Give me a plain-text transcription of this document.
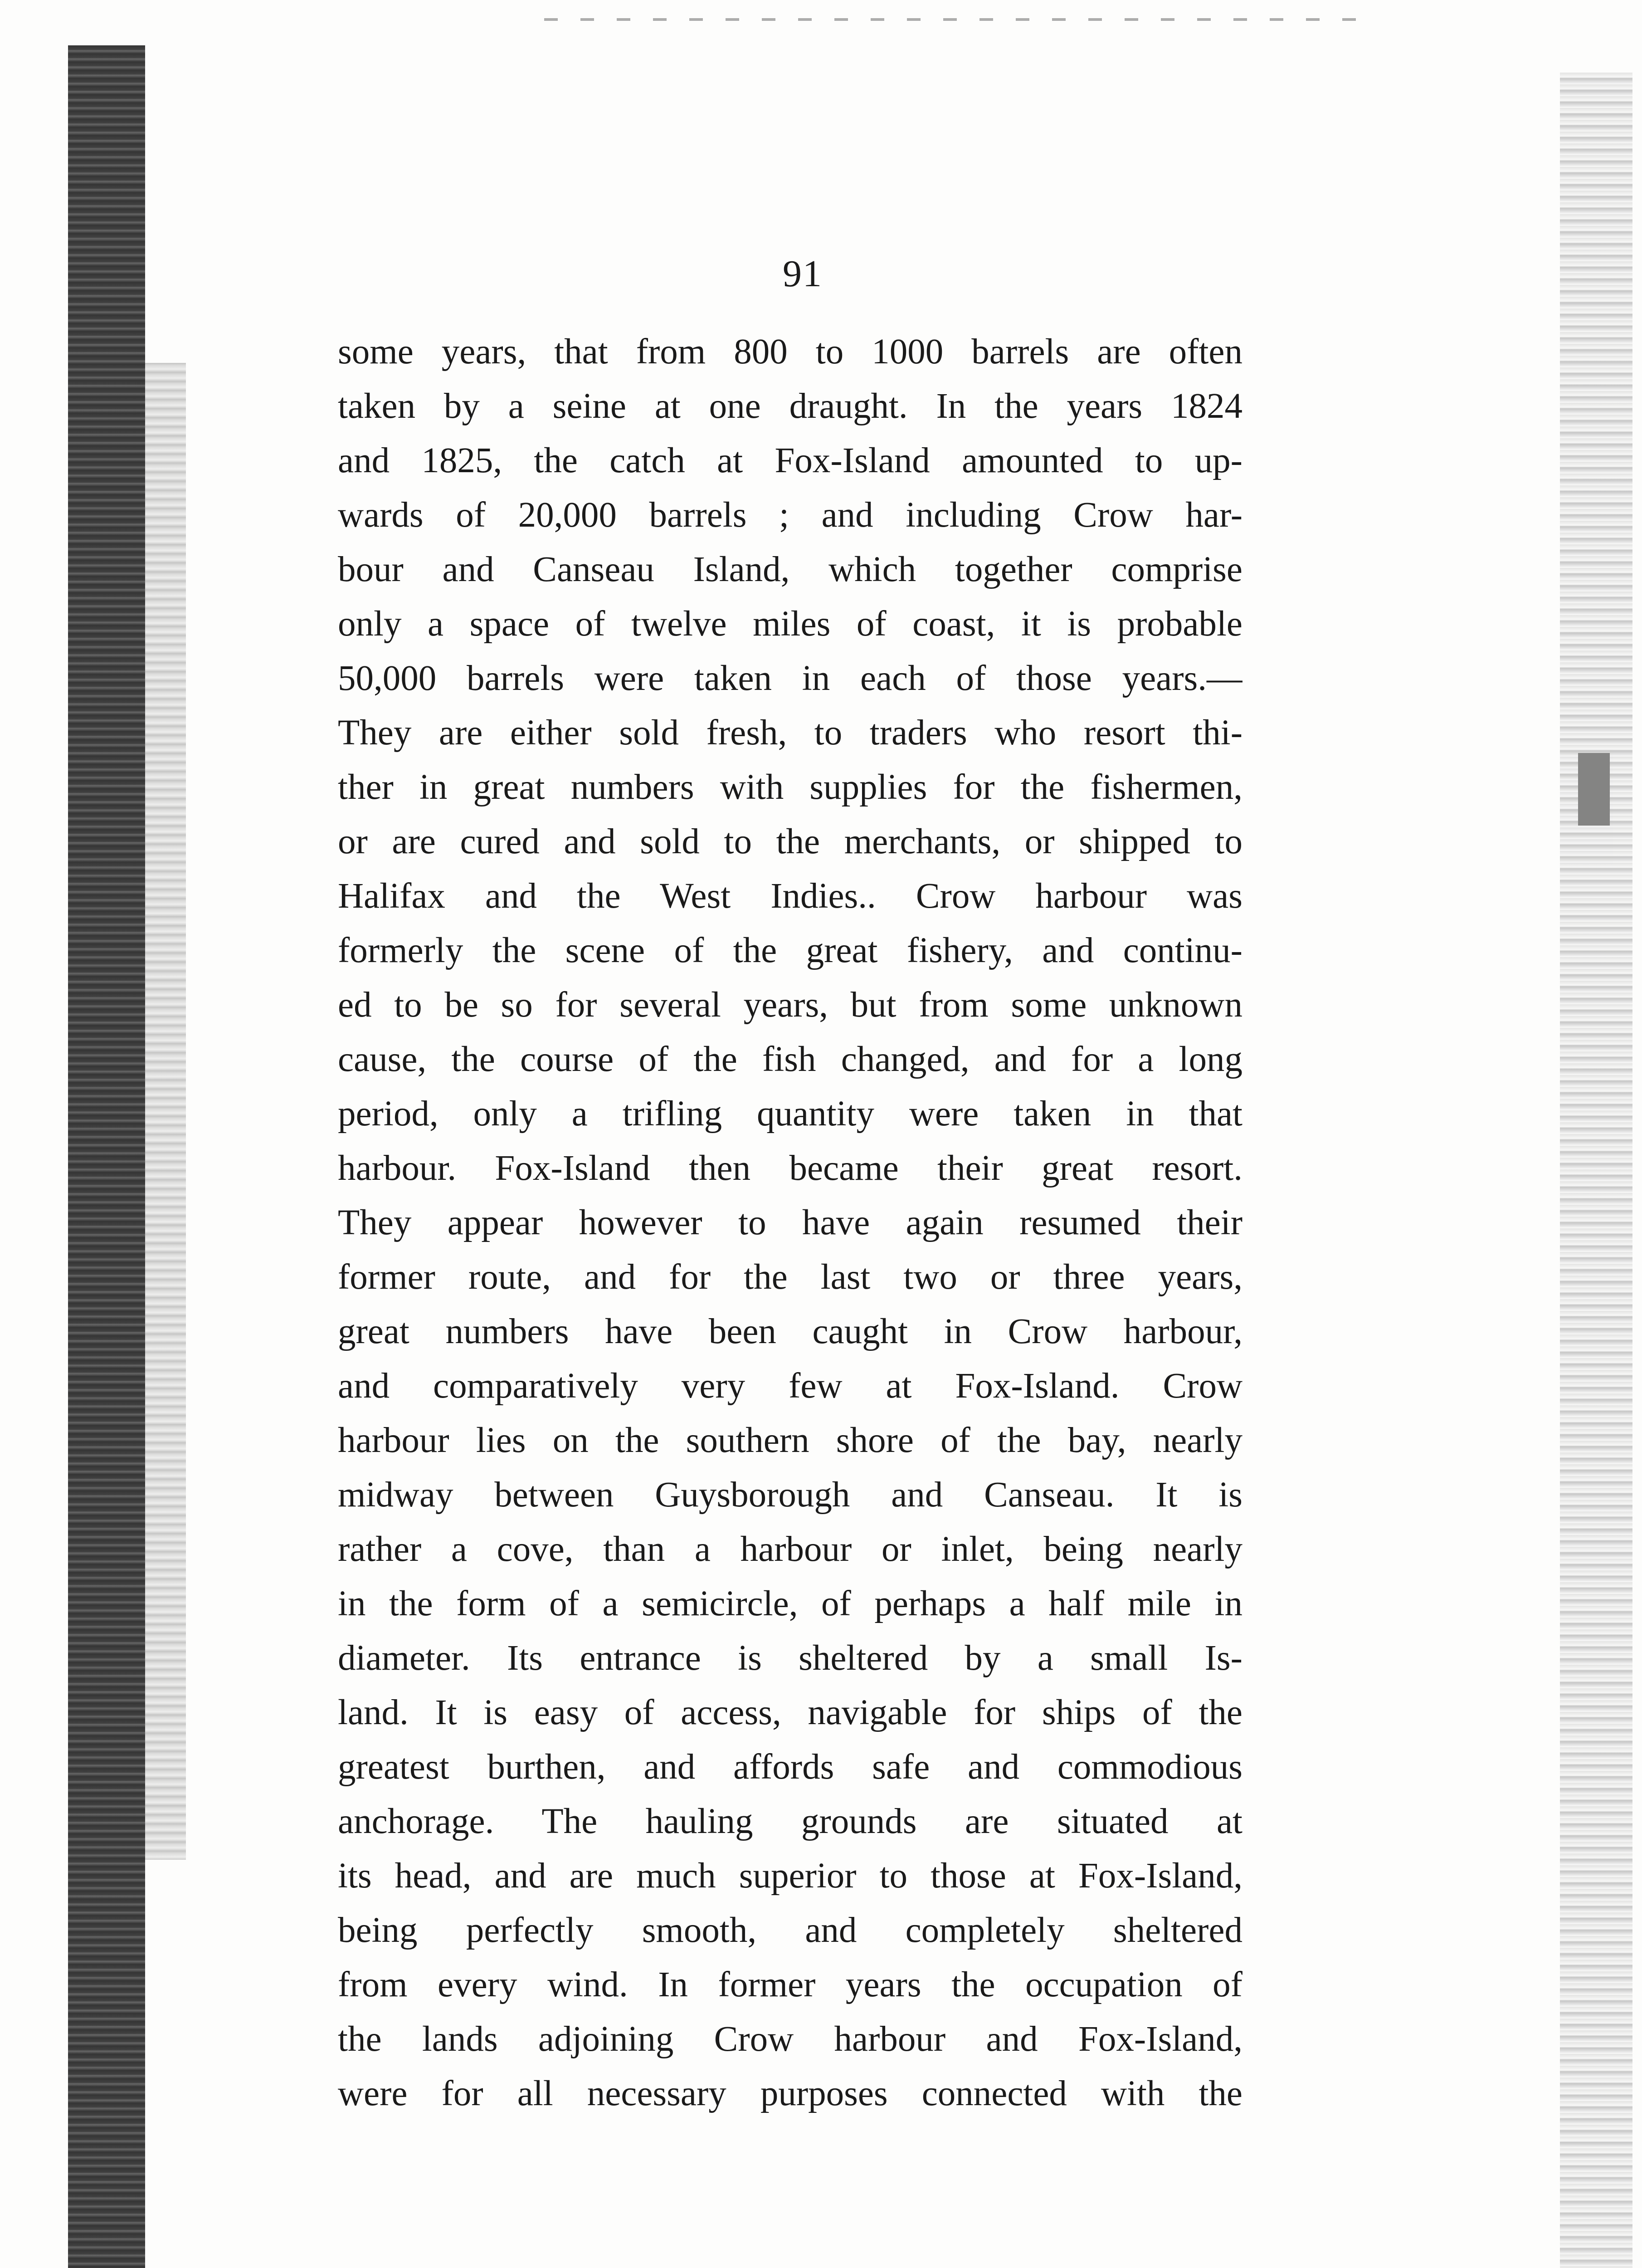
91
some years, that from 800 to 1000 barrels are often
taken by a seine at one draught. In the years 1824
and 1825, the catch at Fox-Island amounted to up-
wards of 20,000 barrels ; and including Crow har-
bour and Canseau Island, which together comprise
only a space of twelve miles of coast, it is probable
50,000 barrels were taken in each of those years.—
They are either sold fresh, to traders who resort thi-
ther in great numbers with supplies for the fishermen,
or are cured and sold to the merchants, or shipped to
Halifax and the West Indies.. Crow harbour was
formerly the scene of the great fishery, and continu-
ed to be so for several years, but from some unknown
cause, the course of the fish changed, and for a long
period, only a trifling quantity were taken in that
harbour. Fox-Island then became their great resort.
They appear however to have again resumed their
former route, and for the last two or three years,
great numbers have been caught in Crow harbour,
and comparatively very few at Fox-Island. Crow
harbour lies on the southern shore of the bay, nearly
midway between Guysborough and Canseau. It is
rather a cove, than a harbour or inlet, being nearly
in the form of a semicircle, of perhaps a half mile in
diameter. Its entrance is sheltered by a small Is-
land. It is easy of access, navigable for ships of the
greatest burthen, and affords safe and commodious
anchorage. The hauling grounds are situated at
its head, and are much superior to those at Fox-Island,
being perfectly smooth, and completely sheltered
from every wind. In former years the occupation of
the lands adjoining Crow harbour and Fox-Island,
were for all necessary purposes connected with the
